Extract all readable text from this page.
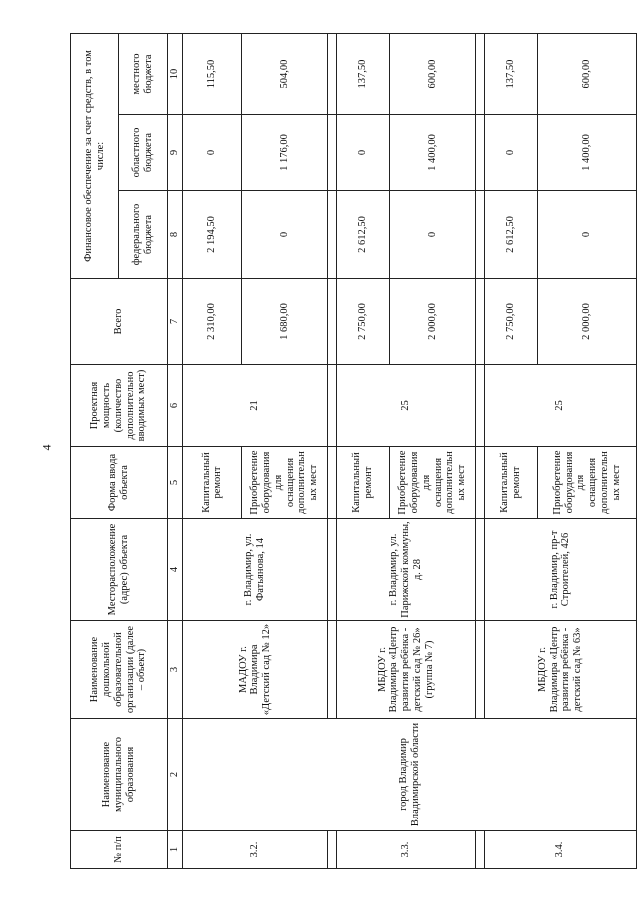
4
№ п/п	Наименование муниципального образования	Наименование дошкольной образовательной организации (далее – объект)	Месторасположение (адрес) объекта	Форма ввода объекта	Проектная мощность (количество дополнительно вводимых мест)	Всего	Финансовое обеспечение за счет средств, в том числе:		
							федерального бюджета	областного бюджета	местного бюджета
1	2	3	4	5	6	7	8	9	10
3.2.	город Владимир Владимирской области	МАДОУ г. Владимира «Детский сад № 12»	г. Владимир, ул. Фатьянова, 14	Капитальный ремонт	21	2 310,00	2 194,50	0	115,50
				Приобретение оборудования для оснащения дополнительных мест		1 680,00	0	1 176,00	504,00

3.3.		МБДОУ г. Владимира «Центр развития ребёнка - детский сад № 26» (группа № 7)	г. Владимир, ул. Парижской коммуны, д. 28	Капитальный ремонт	25	2 750,00	2 612,50	0	137,50
				Приобретение оборудования для оснащения дополнительных мест		2 000,00	0	1 400,00	600,00

3.4.		МБДОУ г. Владимира «Центр развития ребёнка - детский сад № 63»	г. Владимир, пр-т Строителей, 426	Капитальный ремонт	25	2 750,00	2 612,50	0	137,50
				Приобретение оборудования для оснащения дополнительных мест		2 000,00	0	1 400,00	600,00
